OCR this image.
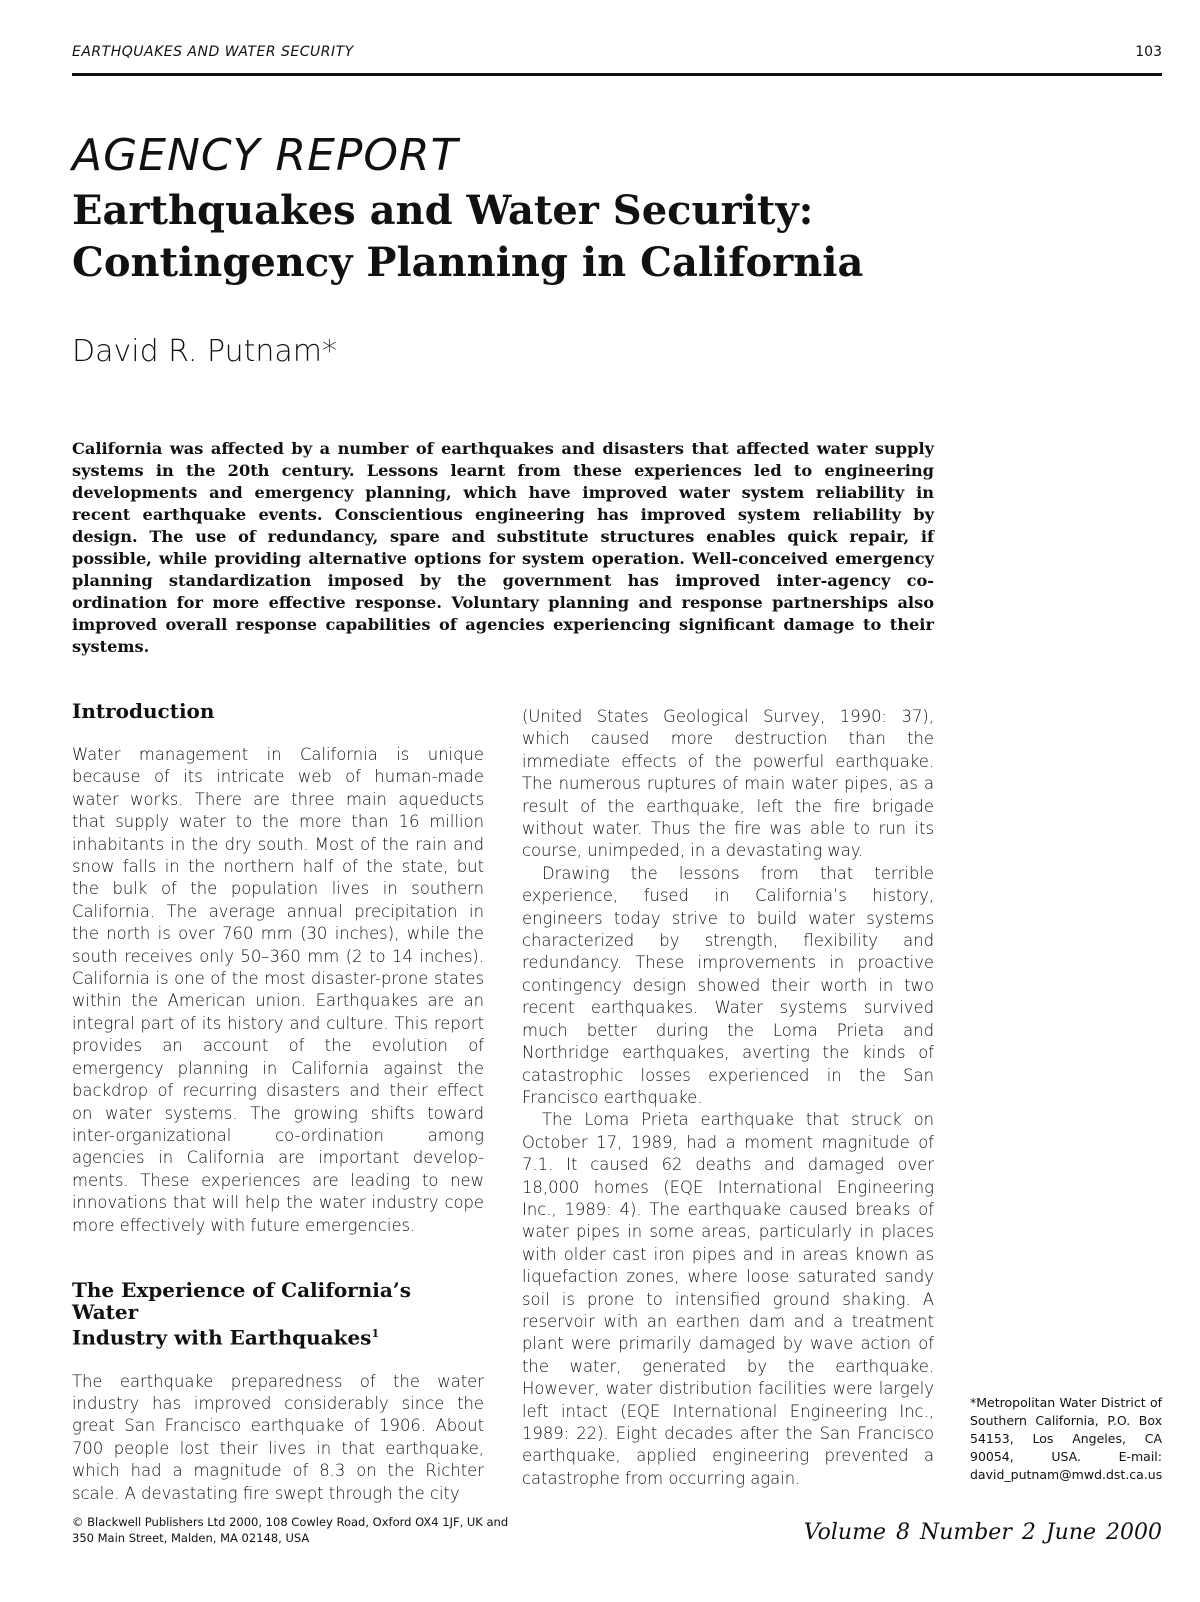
EARTHQUAKES AND WATER SECURITY	103
AGENCY REPORT
Earthquakes and Water Security:
Contingency Planning in California
David R. Putnam*

California was affected by a number of earthquakes and disasters that affected water supply systems in the 20th century. Lessons learnt from these experiences led to engineering developments and emergency planning, which have improved water system reliability in recent earthquake events. Conscientious engineering has improved system reliability by design. The use of redundancy, spare and substitute structures enables quick repair, if possible, while providing alternative options for system operation. Well-conceived emergency planning standardization imposed by the government has improved inter-agency co-ordination for more effective response. Voluntary planning and response partnerships also improved overall response capabilities of agencies experiencing significant damage to their systems.

Introduction

Water management in California is unique because of its intricate web of human-made water works. There are three main aqueducts that supply water to the more than 16 million inhabitants in the dry south. Most of the rain and snow falls in the northern half of the state, but the bulk of the population lives in southern California. The average annual precipitation in the north is over 760 mm (30 inches), while the south receives only 50–360 mm (2 to 14 inches). California is one of the most disaster-prone states within the American union. Earthquakes are an integral part of its history and culture. This report provides an account of the evolution of emergency planning in California against the backdrop of recurring disasters and their effect on water systems. The growing shifts toward inter-organizational co-ordination among agencies in California are important developments. These experiences are leading to new innovations that will help the water industry cope more effectively with future emergencies.

The Experience of California’s Water
Industry with Earthquakes$^1$

The earthquake preparedness of the water industry has improved considerably since the great San Francisco earthquake of 1906. About 700 people lost their lives in that earthquake, which had a magnitude of 8.3 on the Richter scale. A devastating fire swept through the city

(United States Geological Survey, 1990: 37), which caused more destruction than the immediate effects of the powerful earthquake. The numerous ruptures of main water pipes, as a result of the earthquake, left the fire brigade without water. Thus the fire was able to run its course, unimpeded, in a devastating way.

Drawing the lessons from that terrible experience, fused in California’s history, engineers today strive to build water systems characterized by strength, flexibility and redundancy. These improvements in proactive contingency design showed their worth in two recent earthquakes. Water systems survived much better during the Loma Prieta and Northridge earthquakes, averting the kinds of catastrophic losses experienced in the San Francisco earthquake.

The Loma Prieta earthquake that struck on October 17, 1989, had a moment magnitude of 7.1. It caused 62 deaths and damaged over 18,000 homes (EQE International Engineering Inc., 1989: 4). The earthquake caused breaks of water pipes in some areas, particularly in places with older cast iron pipes and in areas known as liquefaction zones, where loose saturated sandy soil is prone to intensified ground shaking. A reservoir with an earthen dam and a treatment plant were primarily damaged by wave action of the water, generated by the earthquake. However, water distribution facilities were largely left intact (EQE International Engineering Inc., 1989: 22). Eight decades after the San Francisco earthquake, applied engineering prevented a catastrophe from occurring again.

*Metropolitan Water District of Southern California, P.O. Box 54153, Los Angeles, CA 90054, USA. E-mail: david_putnam@mwd.dst.ca.us

© Blackwell Publishers Ltd 2000, 108 Cowley Road, Oxford OX4 1JF, UK and
350 Main Street, Malden, MA 02148, USA	Volume 8 Number 2 June 2000
